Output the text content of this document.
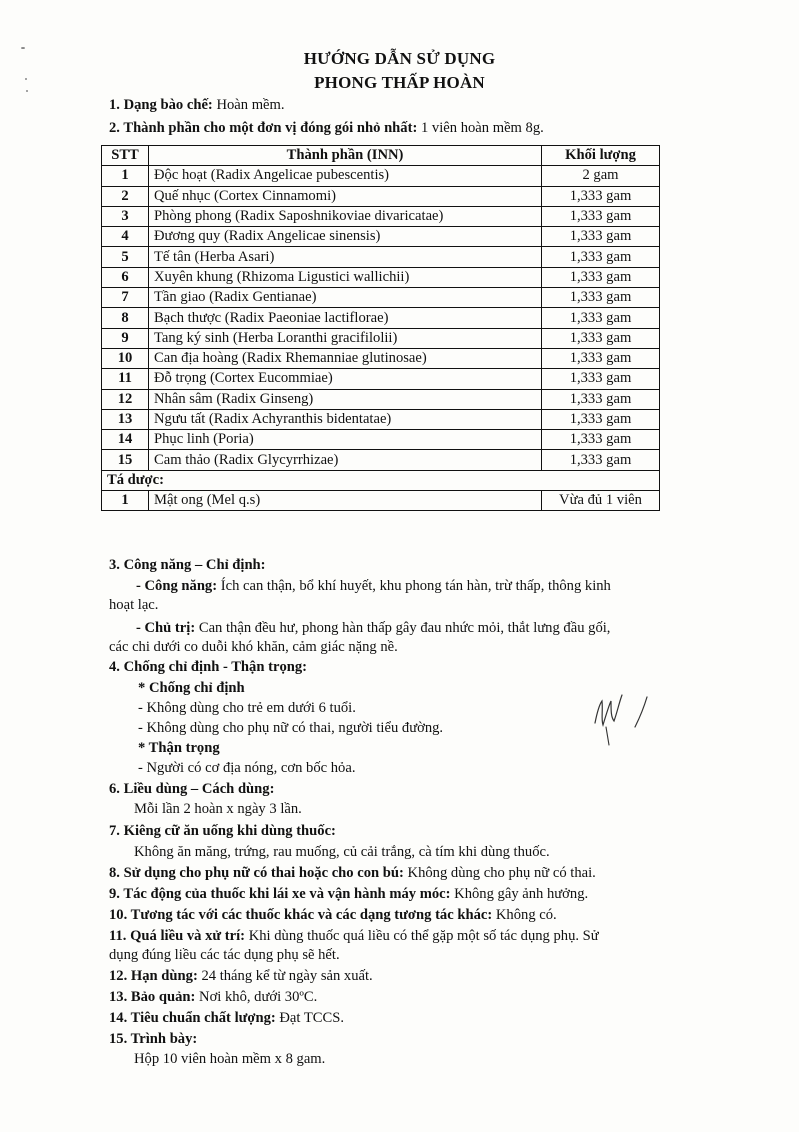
HƯỚNG DẪN SỬ DỤNG
PHONG THẤP HOÀN
1. Dạng bào chế: Hoàn mềm.
2. Thành phần cho một đơn vị đóng gói nhỏ nhất: 1 viên hoàn mềm 8g.
STT	Thành phần (INN)	Khối lượng
1	Độc hoạt (Radix Angelicae pubescentis)	2 gam
2	Quế nhục (Cortex Cinnamomi)	1,333 gam
3	Phòng phong (Radix Saposhnikoviae divaricatae)	1,333 gam
4	Đương quy (Radix Angelicae sinensis)	1,333 gam
5	Tế tân (Herba Asari)	1,333 gam
6	Xuyên khung (Rhizoma Ligustici wallichii)	1,333 gam
7	Tần giao (Radix Gentianae)	1,333 gam
8	Bạch thược (Radix Paeoniae lactiflorae)	1,333 gam
9	Tang ký sinh (Herba Loranthi gracifilolii)	1,333 gam
10	Can địa hoàng (Radix Rhemanniae glutinosae)	1,333 gam
11	Đỗ trọng (Cortex Eucommiae)	1,333 gam
12	Nhân sâm (Radix Ginseng)	1,333 gam
13	Ngưu tất (Radix Achyranthis bidentatae)	1,333 gam
14	Phục linh (Poria)	1,333 gam
15	Cam thảo (Radix Glycyrrhizae)	1,333 gam
Tá dược:		
1	Mật ong (Mel q.s)	Vừa đủ 1 viên
3. Công năng – Chỉ định:
- Công năng: Ích can thận, bổ khí huyết, khu phong tán hàn, trừ thấp, thông kinh
hoạt lạc.
- Chủ trị: Can thận đều hư, phong hàn thấp gây đau nhức mỏi, thắt lưng đầu gối,
các chi dưới co duỗi khó khăn, cảm giác nặng nề.
4. Chống chỉ định - Thận trọng:
* Chống chỉ định
- Không dùng cho trẻ em dưới 6 tuổi.
- Không dùng cho phụ nữ có thai, người tiểu đường.
* Thận trọng
- Người có cơ địa nóng, cơn bốc hỏa.
6. Liều dùng – Cách dùng:
Mỗi lần 2 hoàn x ngày 3 lần.
7. Kiêng cữ ăn uống khi dùng thuốc:
Không ăn măng, trứng, rau muống, củ cải trắng, cà tím khi dùng thuốc.
8. Sử dụng cho phụ nữ có thai hoặc cho con bú: Không dùng cho phụ nữ có thai.
9. Tác động của thuốc khi lái xe và vận hành máy móc: Không gây ảnh hưởng.
10. Tương tác với các thuốc khác và các dạng tương tác khác: Không có.
11. Quá liều và xử trí: Khi dùng thuốc quá liều có thể gặp một số tác dụng phụ. Sử
dụng đúng liều các tác dụng phụ sẽ hết.
12. Hạn dùng: 24 tháng kể từ ngày sản xuất.
13. Bảo quản: Nơi khô, dưới 30ºC.
14. Tiêu chuẩn chất lượng: Đạt TCCS.
15. Trình bày:
Hộp 10 viên hoàn mềm x 8 gam.
